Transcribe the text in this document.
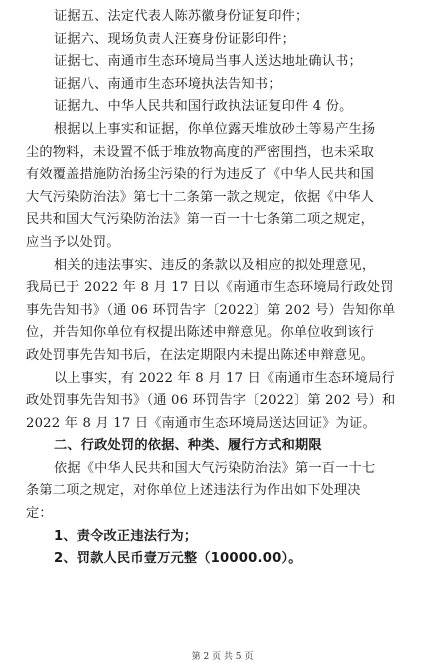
证据五、法定代表人陈苏徽身份证复印件；
证据六、现场负责人汪赛身份证影印件；
证据七、南通市生态环境局当事人送达地址确认书；
证据八、南通市生态环境执法告知书；
证据九、中华人民共和国行政执法证复印件 4 份。
根据以上事实和证据，你单位露天堆放砂土等易产生扬
尘的物料，未设置不低于堆放物高度的严密围挡，也未采取
有效覆盖措施防治扬尘污染的行为违反了《中华人民共和国
大气污染防治法》第七十二条第一款之规定，依据《中华人
民共和国大气污染防治法》第一百一十七条第二项之规定，
应当予以处罚。
相关的违法事实、违反的条款以及相应的拟处理意见，
我局已于 2022 年 8 月 17 日以《南通市生态环境局行政处罚
事先告知书》（通 06 环罚告字〔2022〕第 202 号）告知你单
位，并告知你单位有权提出陈述申辩意见。你单位收到该行
政处罚事先告知书后，在法定期限内未提出陈述申辩意见。
以上事实，有 2022 年 8 月 17 日《南通市生态环境局行
政处罚事先告知书》（通 06 环罚告字〔2022〕第 202 号）和
2022 年 8 月 17 日《南通市生态环境局送达回证》为证。
二、行政处罚的依据、种类、履行方式和期限
依据《中华人民共和国大气污染防治法》第一百一十七
条第二项之规定，对你单位上述违法行为作出如下处理决
定：
1、责令改正违法行为；
2、罚款人民币壹万元整（10000.00）。
第 2 页 共 5 页
